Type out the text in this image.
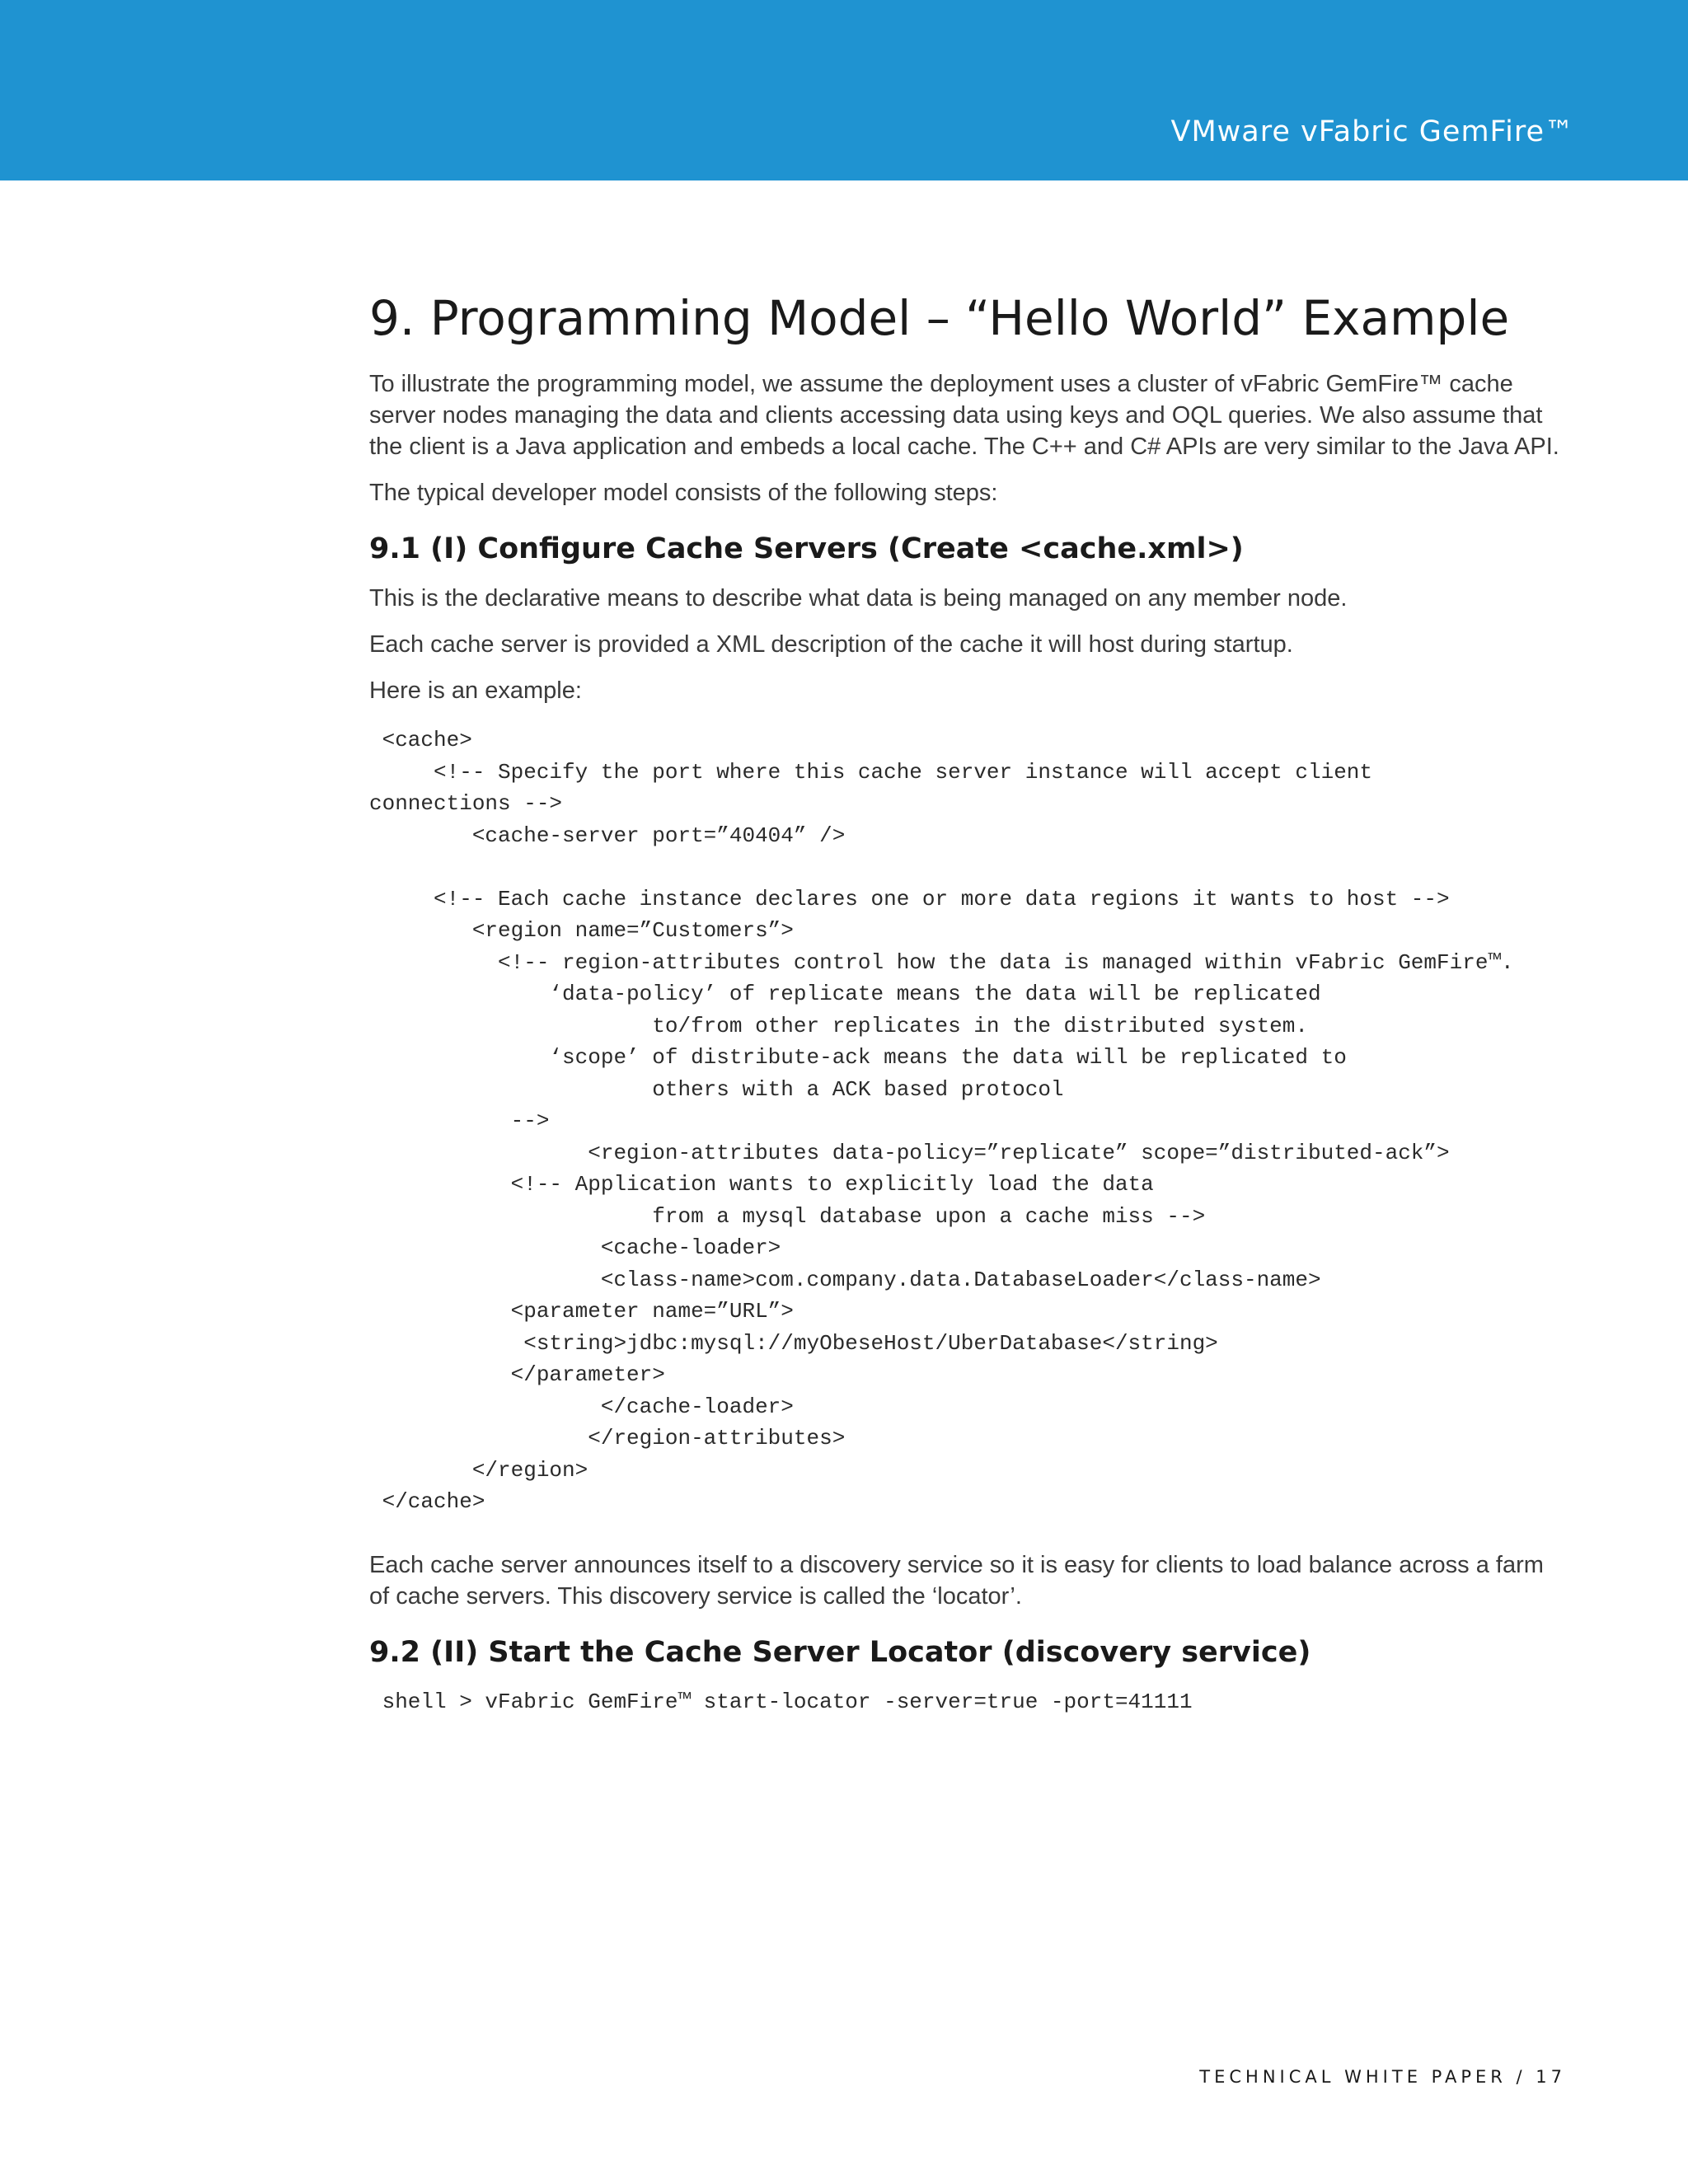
VMware vFabric GemFire™
9. Programming Model – “Hello World” Example

To illustrate the programming model, we assume the deployment uses a cluster of vFabric GemFire™ cache server nodes managing the data and clients accessing data using keys and OQL queries. We also assume that the client is a Java application and embeds a local cache. The C++ and C# APIs are very similar to the Java API.

The typical developer model consists of the following steps:

9.1 (I) Configure Cache Servers (Create <cache.xml>)

This is the declarative means to describe what data is being managed on any member node.

Each cache server is provided a XML description of the cache it will host during startup.

Here is an example:

<cache>
<!-- Specify the port where this cache server instance will accept client
connections -->
<cache-server port=”40404” />

<!-- Each cache instance declares one or more data regions it wants to host -->
<region name=”Customers”>
<!-- region-attributes control how the data is managed within vFabric GemFire™.
‘data-policy’ of replicate means the data will be replicated
to/from other replicates in the distributed system.
‘scope’ of distribute-ack means the data will be replicated to
others with a ACK based protocol
-->
<region-attributes data-policy=”replicate” scope=”distributed-ack”>
<!-- Application wants to explicitly load the data
from a mysql database upon a cache miss -->
<cache-loader>
<class-name>com.company.data.DatabaseLoader</class-name>
<parameter name=”URL”>
<string>jdbc:mysql://myObeseHost/UberDatabase</string>
</parameter>
</cache-loader>
</region-attributes>
</region>
</cache>

Each cache server announces itself to a discovery service so it is easy for clients to load balance across a farm of cache servers. This discovery service is called the ‘locator’.

9.2 (II) Start the Cache Server Locator (discovery service)
shell > vFabric GemFire™ start-locator -server=true -port=41111
TECHNICAL WHITE PAPER / 17
